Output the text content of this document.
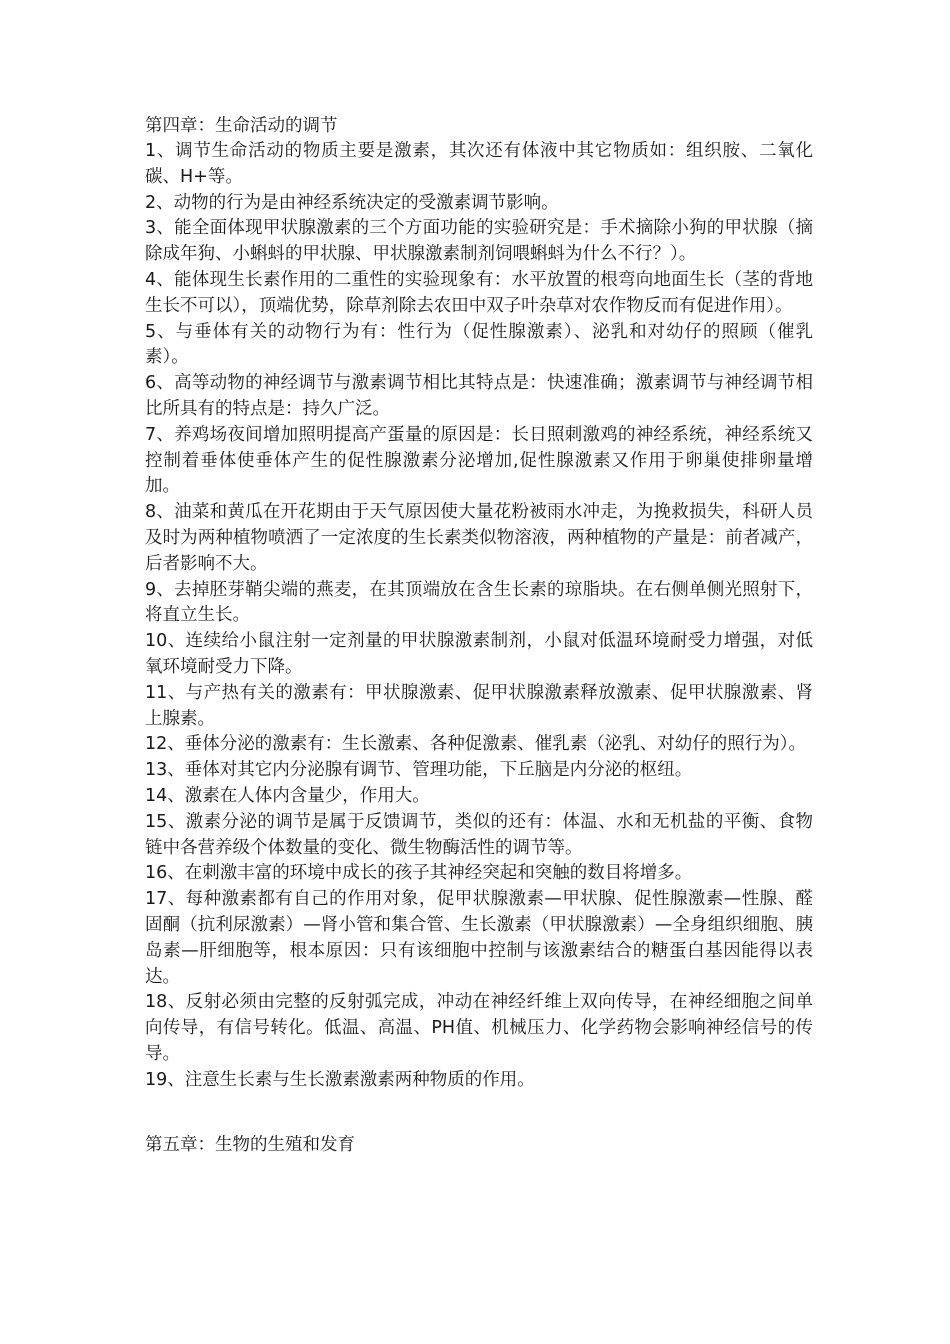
第四章：生命活动的调节

1、调节生命活动的物质主要是激素，其次还有体液中其它物质如：组织胺、二氧化碳、H+等。

2、动物的行为是由神经系统决定的受激素调节影响。

3、能全面体现甲状腺激素的三个方面功能的实验研究是：手术摘除小狗的甲状腺（摘除成年狗、小蝌蚪的甲状腺、甲状腺激素制剂饲喂蝌蚪为什么不行？）。

4、能体现生长素作用的二重性的实验现象有：水平放置的根弯向地面生长（茎的背地生长不可以），顶端优势，除草剂除去农田中双子叶杂草对农作物反而有促进作用）。

5、与垂体有关的动物行为有：性行为（促性腺激素）、泌乳和对幼仔的照顾（催乳素）。

6、高等动物的神经调节与激素调节相比其特点是：快速准确；激素调节与神经调节相比所具有的特点是：持久广泛。

7、养鸡场夜间增加照明提高产蛋量的原因是：长日照刺激鸡的神经系统，神经系统又控制着垂体使垂体产生的促性腺激素分泌增加,促性腺激素又作用于卵巢使排卵量增加。

8、油菜和黄瓜在开花期由于天气原因使大量花粉被雨水冲走，为挽救损失，科研人员及时为两种植物喷洒了一定浓度的生长素类似物溶液，两种植物的产量是：前者减产，后者影响不大。

9、去掉胚芽鞘尖端的燕麦，在其顶端放在含生长素的琼脂块。在右侧单侧光照射下，将直立生长。

10、连续给小鼠注射一定剂量的甲状腺激素制剂，小鼠对低温环境耐受力增强，对低氧环境耐受力下降。

11、与产热有关的激素有：甲状腺激素、促甲状腺激素释放激素、促甲状腺激素、肾上腺素。

12、垂体分泌的激素有：生长激素、各种促激素、催乳素（泌乳、对幼仔的照行为）。

13、垂体对其它内分泌腺有调节、管理功能，下丘脑是内分泌的枢纽。

14、激素在人体内含量少，作用大。

15、激素分泌的调节是属于反馈调节，类似的还有：体温、水和无机盐的平衡、食物链中各营养级个体数量的变化、微生物酶活性的调节等。

16、在刺激丰富的环境中成长的孩子其神经突起和突触的数目将增多。

17、每种激素都有自己的作用对象，促甲状腺激素—甲状腺、促性腺激素—性腺、醛固酮（抗利尿激素）—肾小管和集合管、生长激素（甲状腺激素）—全身组织细胞、胰岛素—肝细胞等，根本原因：只有该细胞中控制与该激素结合的糖蛋白基因能得以表达。

18、反射必须由完整的反射弧完成，冲动在神经纤维上双向传导，在神经细胞之间单向传导，有信号转化。低温、高温、PH值、机械压力、化学药物会影响神经信号的传导。

19、注意生长素与生长激素激素两种物质的作用。

第五章：生物的生殖和发育
